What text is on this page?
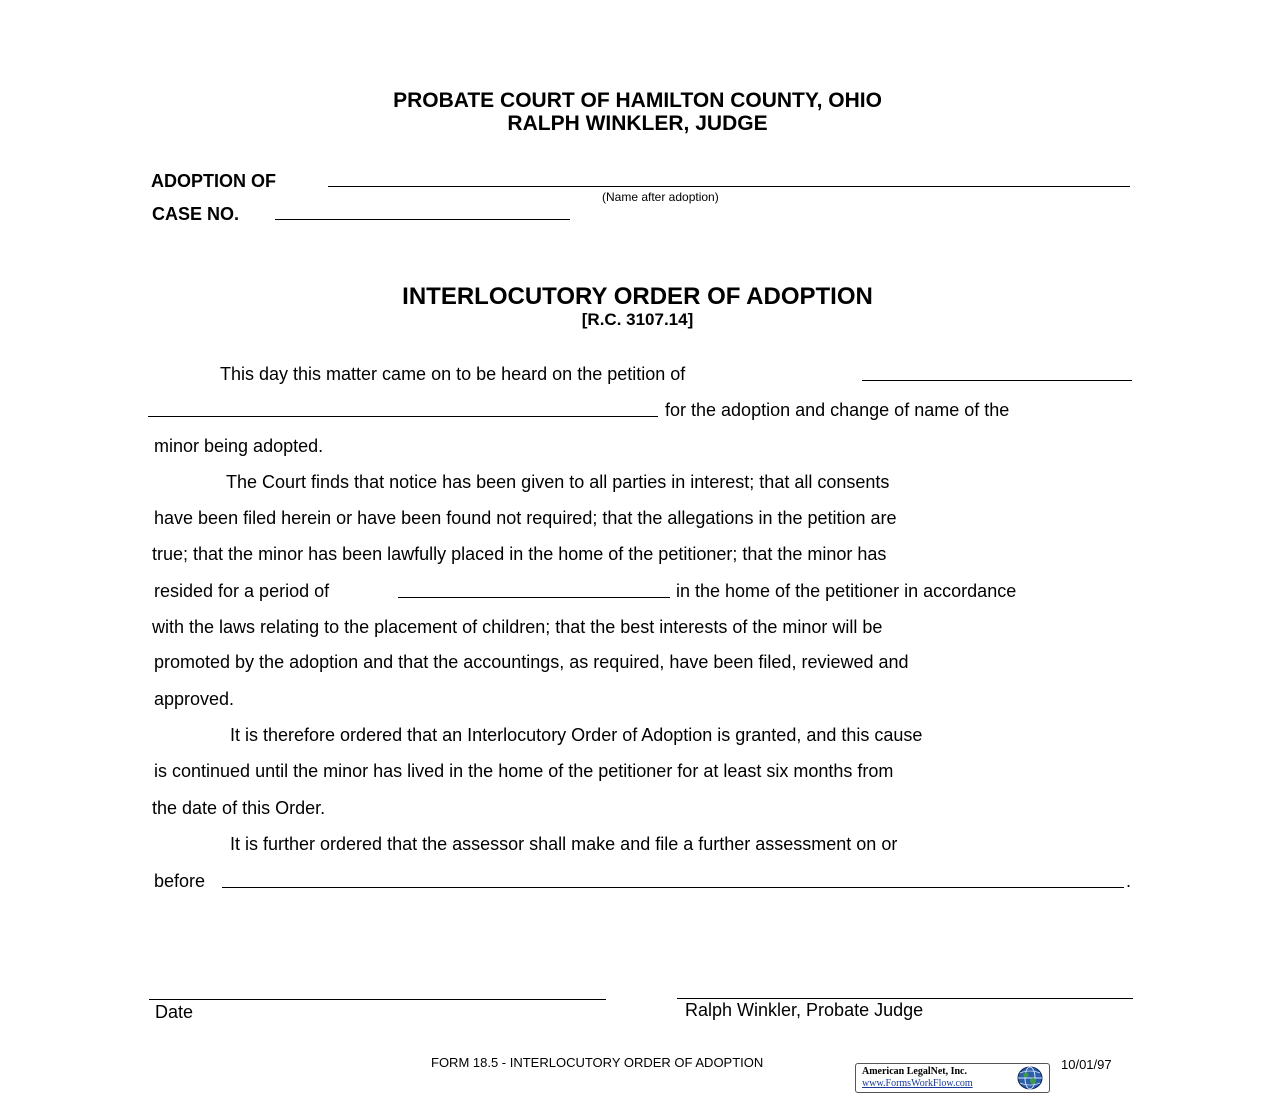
PROBATE COURT OF HAMILTON COUNTY, OHIO
RALPH WINKLER, JUDGE
ADOPTION OF
(Name after adoption)
CASE NO.
INTERLOCUTORY ORDER OF ADOPTION
[R.C. 3107.14]
This day this matter came on to be heard on the petition of
for the adoption and change of name of the
minor being adopted.
The Court finds that notice has been given to all parties in interest; that all consents
have been filed herein or have been found not required; that the allegations in the petition are
true; that the minor has been lawfully placed in the home of the petitioner; that the minor has
resided for a period of	in the home of the petitioner in accordance
with the laws relating to the placement of children; that the best interests of the minor will be
promoted by the adoption and that the accountings, as required, have been filed, reviewed and
approved.
It is therefore ordered that an Interlocutory Order of Adoption is granted, and this cause
is continued until the minor has lived in the home of the petitioner for at least six months from
the date of this Order.
It is further ordered that the assessor shall make and file a further assessment on or
before	.
Date	Ralph Winkler, Probate Judge
FORM 18.5 - INTERLOCUTORY ORDER OF ADOPTION	10/01/97
American LegalNet, Inc.
www.FormsWorkFlow.com
